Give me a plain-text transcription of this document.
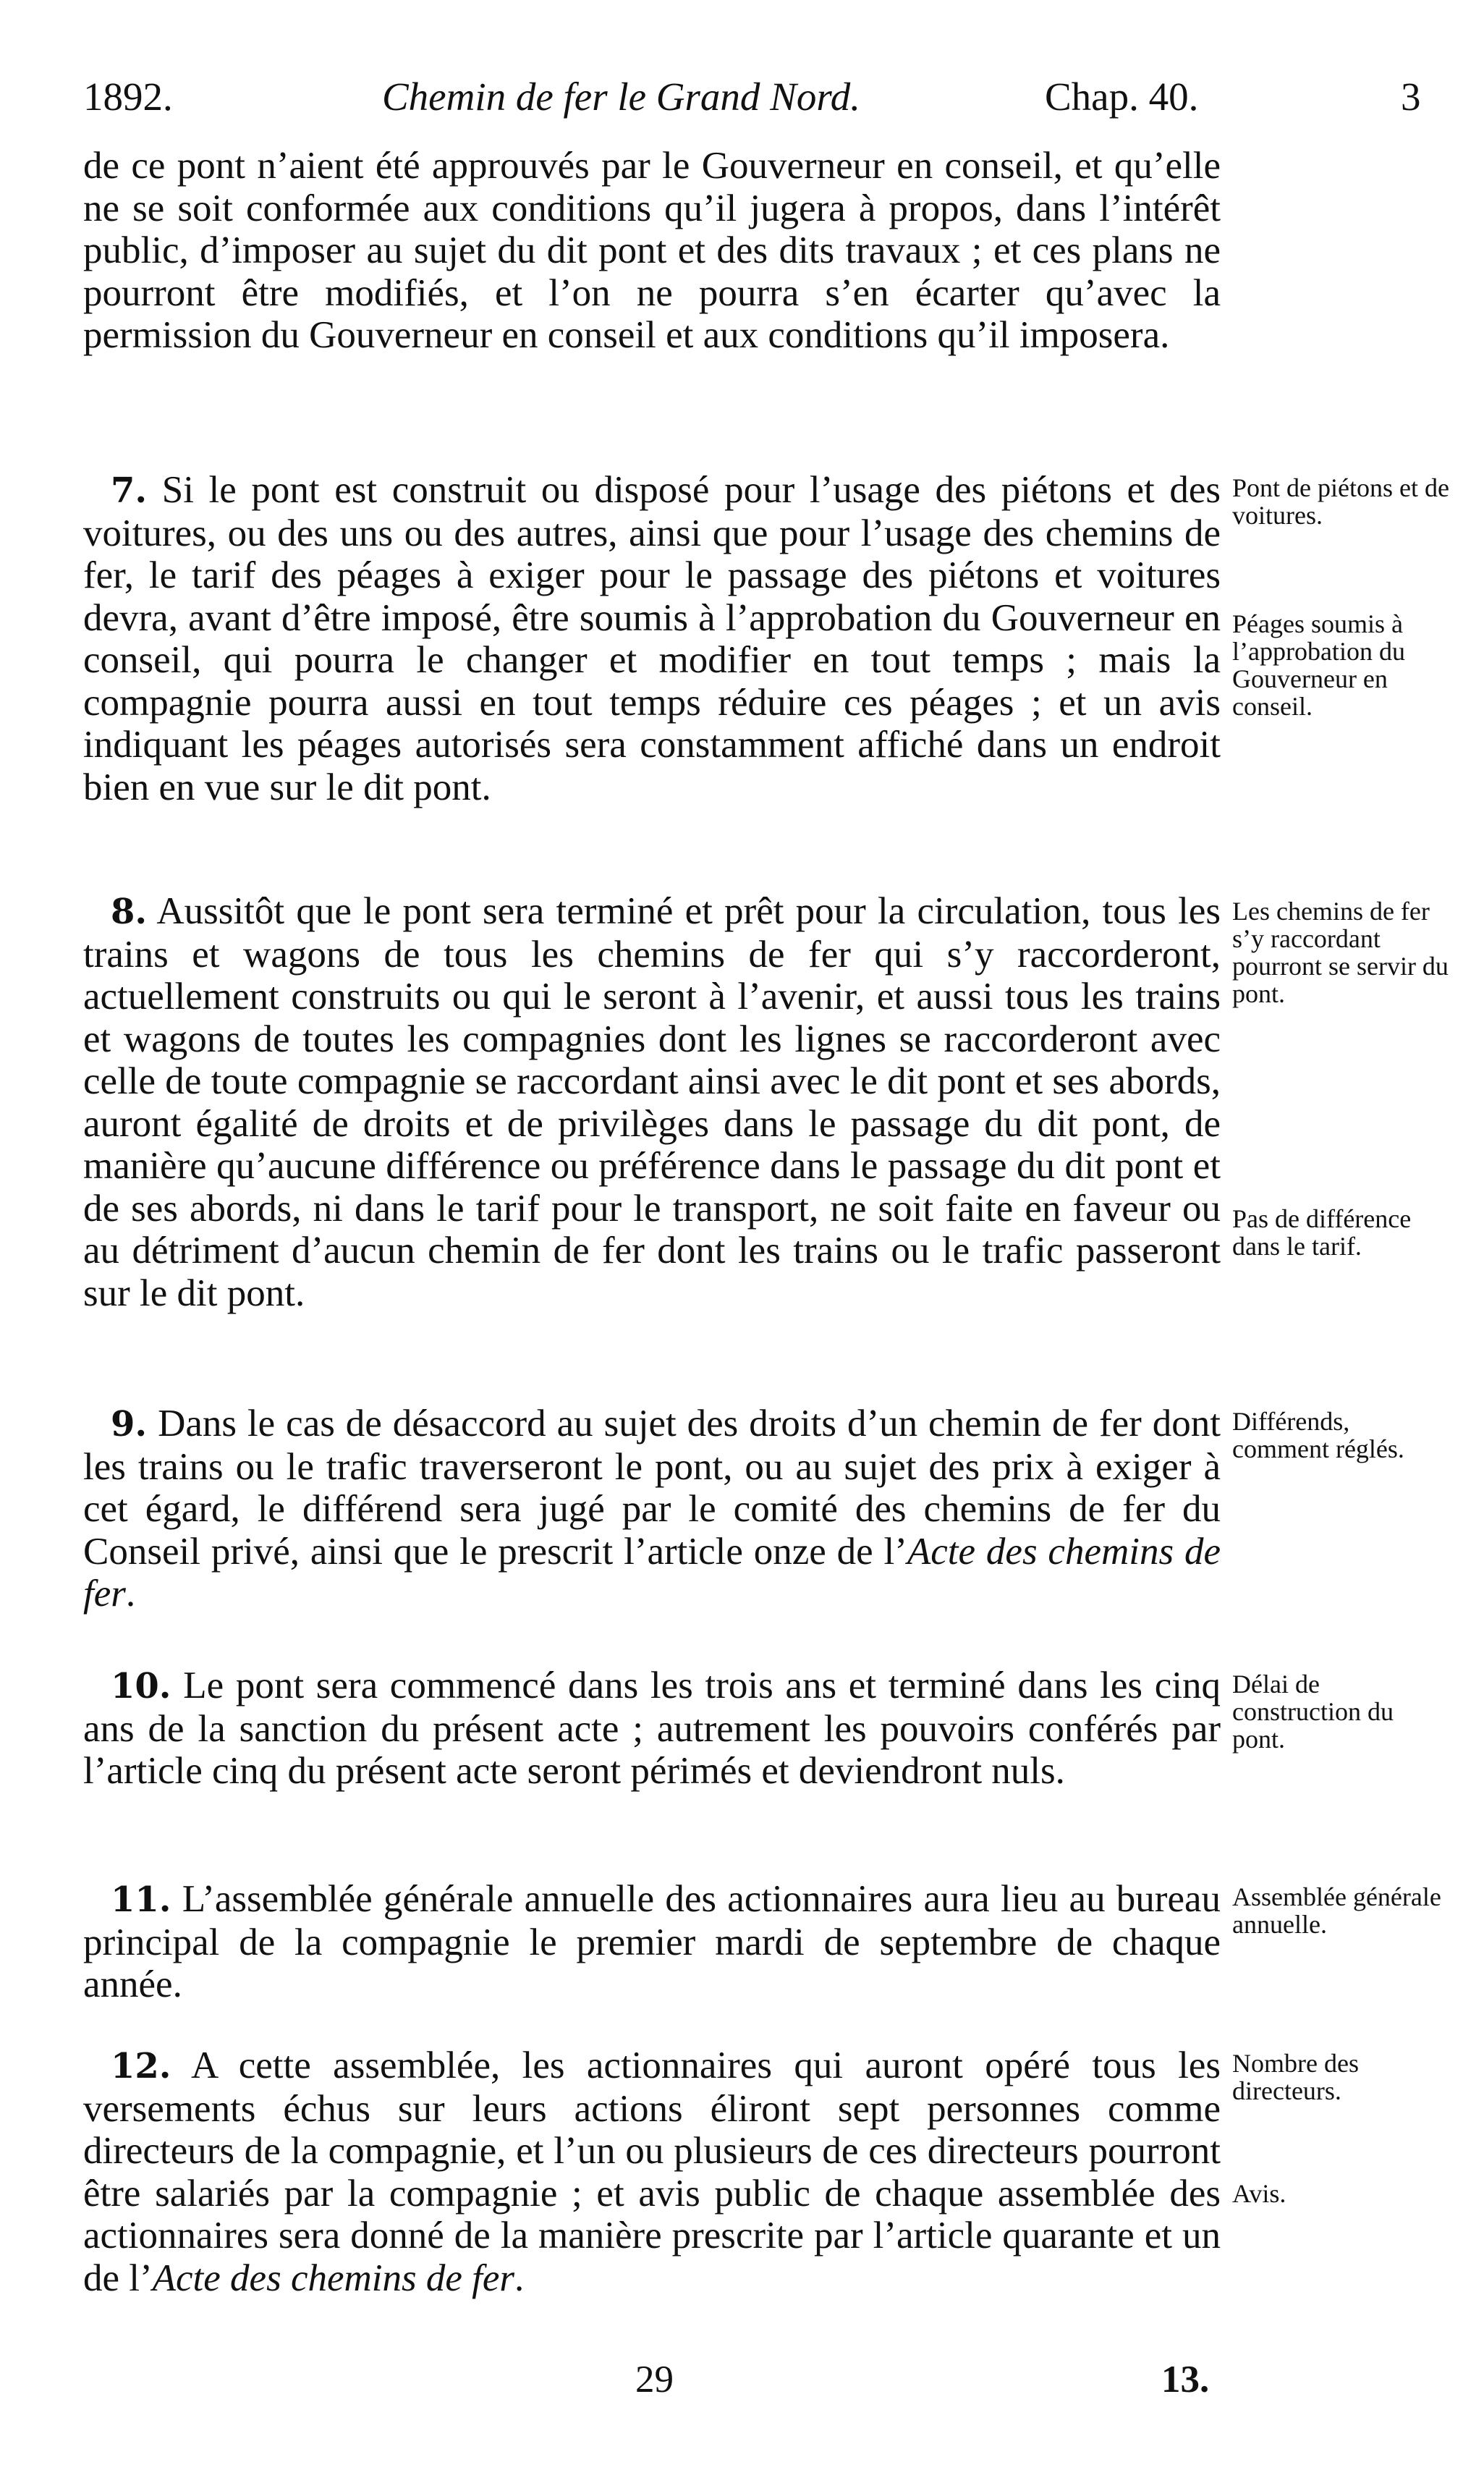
1892.	Chemin de fer le Grand Nord.	Chap. 40.	3
de ce pont n’aient été approuvés par le Gouverneur en conseil, et qu’elle ne se soit conformée aux conditions qu’il jugera à propos, dans l’intérêt public, d’imposer au sujet du dit pont et des dits travaux ; et ces plans ne pourront être modifiés, et l’on ne pourra s’en écarter qu’avec la permission du Gouverneur en conseil et aux conditions qu’il imposera.
7. Si le pont est construit ou disposé pour l’usage des piétons et des voitures, ou des uns ou des autres, ainsi que pour l’usage des chemins de fer, le tarif des péages à exiger pour le passage des piétons et voitures devra, avant d’être imposé, être soumis à l’approbation du Gouverneur en conseil, qui pourra le changer et modifier en tout temps ; mais la compagnie pourra aussi en tout temps réduire ces péages ; et un avis indiquant les péages autorisés sera constamment affiché dans un endroit bien en vue sur le dit pont.
Pont de piétons et de voitures.
Péages soumis à l’approbation du Gouverneur en conseil.
8. Aussitôt que le pont sera terminé et prêt pour la circulation, tous les trains et wagons de tous les chemins de fer qui s’y raccorderont, actuellement construits ou qui le seront à l’avenir, et aussi tous les trains et wagons de toutes les compagnies dont les lignes se raccorderont avec celle de toute compagnie se raccordant ainsi avec le dit pont et ses abords, auront égalité de droits et de privilèges dans le passage du dit pont, de manière qu’aucune différence ou préférence dans le passage du dit pont et de ses abords, ni dans le tarif pour le transport, ne soit faite en faveur ou au détriment d’aucun chemin de fer dont les trains ou le trafic passeront sur le dit pont.
Les chemins de fer s’y raccordant pourront se servir du pont.
Pas de différence dans le tarif.
9. Dans le cas de désaccord au sujet des droits d’un chemin de fer dont les trains ou le trafic traverseront le pont, ou au sujet des prix à exiger à cet égard, le différend sera jugé par le comité des chemins de fer du Conseil privé, ainsi que le prescrit l’article onze de l’Acte des chemins de fer.
Différends, comment réglés.
10. Le pont sera commencé dans les trois ans et terminé dans les cinq ans de la sanction du présent acte ; autrement les pouvoirs conférés par l’article cinq du présent acte seront périmés et deviendront nuls.
Délai de construction du pont.
11. L’assemblée générale annuelle des actionnaires aura lieu au bureau principal de la compagnie le premier mardi de septembre de chaque année.
Assemblée générale annuelle.
12. A cette assemblée, les actionnaires qui auront opéré tous les versements échus sur leurs actions éliront sept personnes comme directeurs de la compagnie, et l’un ou plusieurs de ces directeurs pourront être salariés par la compagnie ; et avis public de chaque assemblée des actionnaires sera donné de la manière prescrite par l’article quarante et un de l’Acte des chemins de fer.
Nombre des directeurs.
Avis.
29	13.
